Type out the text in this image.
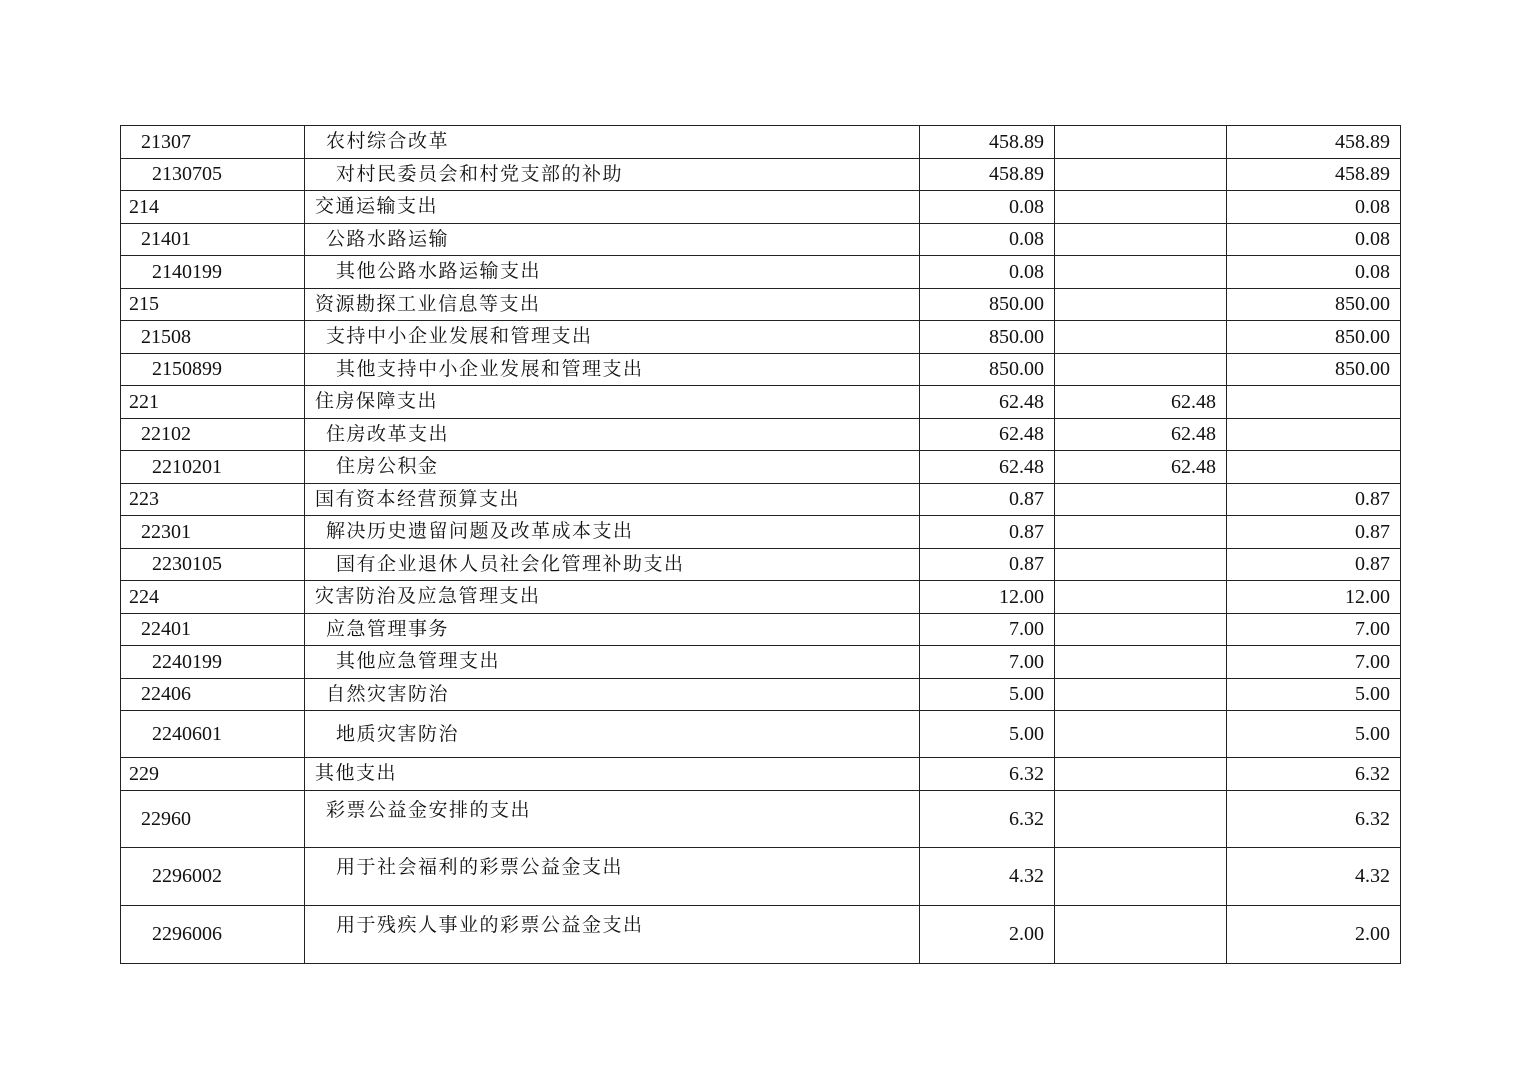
21307	农村综合改革	458.89		458.89
2130705	对村民委员会和村党支部的补助	458.89		458.89
214	交通运输支出	0.08		0.08
21401	公路水路运输	0.08		0.08
2140199	其他公路水路运输支出	0.08		0.08
215	资源勘探工业信息等支出	850.00		850.00
21508	支持中小企业发展和管理支出	850.00		850.00
2150899	其他支持中小企业发展和管理支出	850.00		850.00
221	住房保障支出	62.48	62.48	
22102	住房改革支出	62.48	62.48	
2210201	住房公积金	62.48	62.48	
223	国有资本经营预算支出	0.87		0.87
22301	解决历史遗留问题及改革成本支出	0.87		0.87
2230105	国有企业退休人员社会化管理补助支出	0.87		0.87
224	灾害防治及应急管理支出	12.00		12.00
22401	应急管理事务	7.00		7.00
2240199	其他应急管理支出	7.00		7.00
22406	自然灾害防治	5.00		5.00
2240601	地质灾害防治	5.00		5.00
229	其他支出	6.32		6.32
22960	彩票公益金安排的支出	6.32		6.32
2296002	用于社会福利的彩票公益金支出	4.32		4.32
2296006	用于残疾人事业的彩票公益金支出	2.00		2.00
